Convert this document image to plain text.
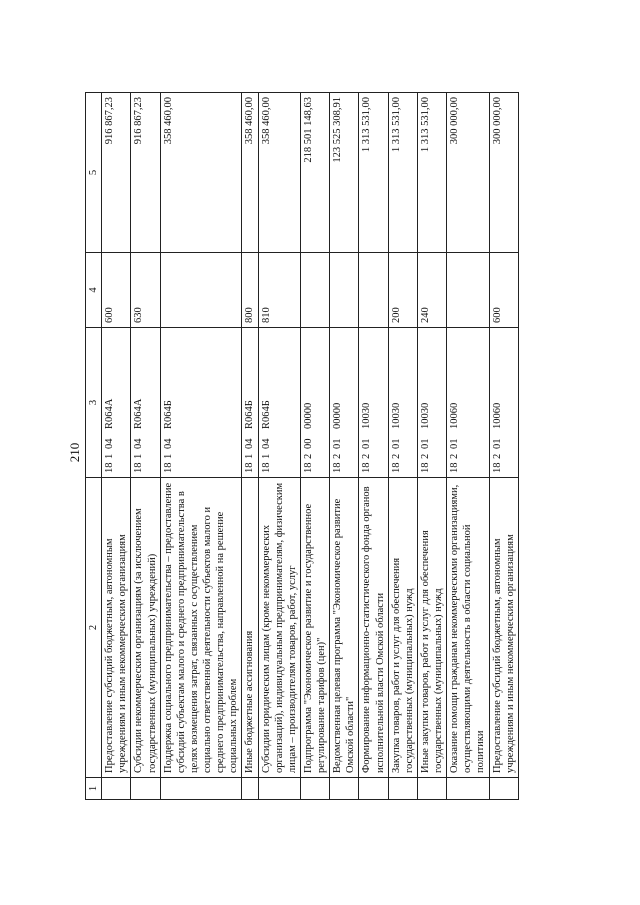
210
1	2	3	4	5
	Предоставление субсидий бюджетным, автономным учреждениям и иным некоммерческим организациям	18104R064A	600	916 867,23
	Субсидии некоммерческим организациям (за исключением государственных (муниципальных) учреждений)	18104R064A	630	916 867,23
	Поддержка социального предпринимательства – предоставление субсидий субъектам малого и среднего предпринимательства в целях возмещения затрат, связанных с осуществлением социально ответственной деятельности субъектов малого и среднего предпринимательства, направленной на решение социальных проблем	18104R064Б		358 460,00
	Иные бюджетные ассигнования	18104R064Б	800	358 460,00
	Субсидии юридическим лицам (кроме некоммерческих организаций), индивидуальным предпринимателям, физическим лицам – производителям товаров, работ, услуг	18104R064Б	810	358 460,00
	Подпрограмма "Экономическое развитие и государственное регулирование тарифов (цен)"	1820000000		218 501 148,63
	Ведомственная целевая программа "Экономическое развитие Омской области"	1820100000		123 525 308,91
	Формирование информационно-статистического фонда органов исполнительной власти Омской области	1820110030		1 313 531,00
	Закупка товаров, работ и услуг для обеспечения государственных (муниципальных) нужд	1820110030	200	1 313 531,00
	Иные закупки товаров, работ и услуг для обеспечения государственных (муниципальных) нужд	1820110030	240	1 313 531,00
	Оказание помощи гражданам некоммерческими организациями, осуществляющими деятельность в области социальной политики	1820110060		300 000,00
	Предоставление субсидий бюджетным, автономным учреждениям и иным некоммерческим организациям	1820110060	600	300 000,00
